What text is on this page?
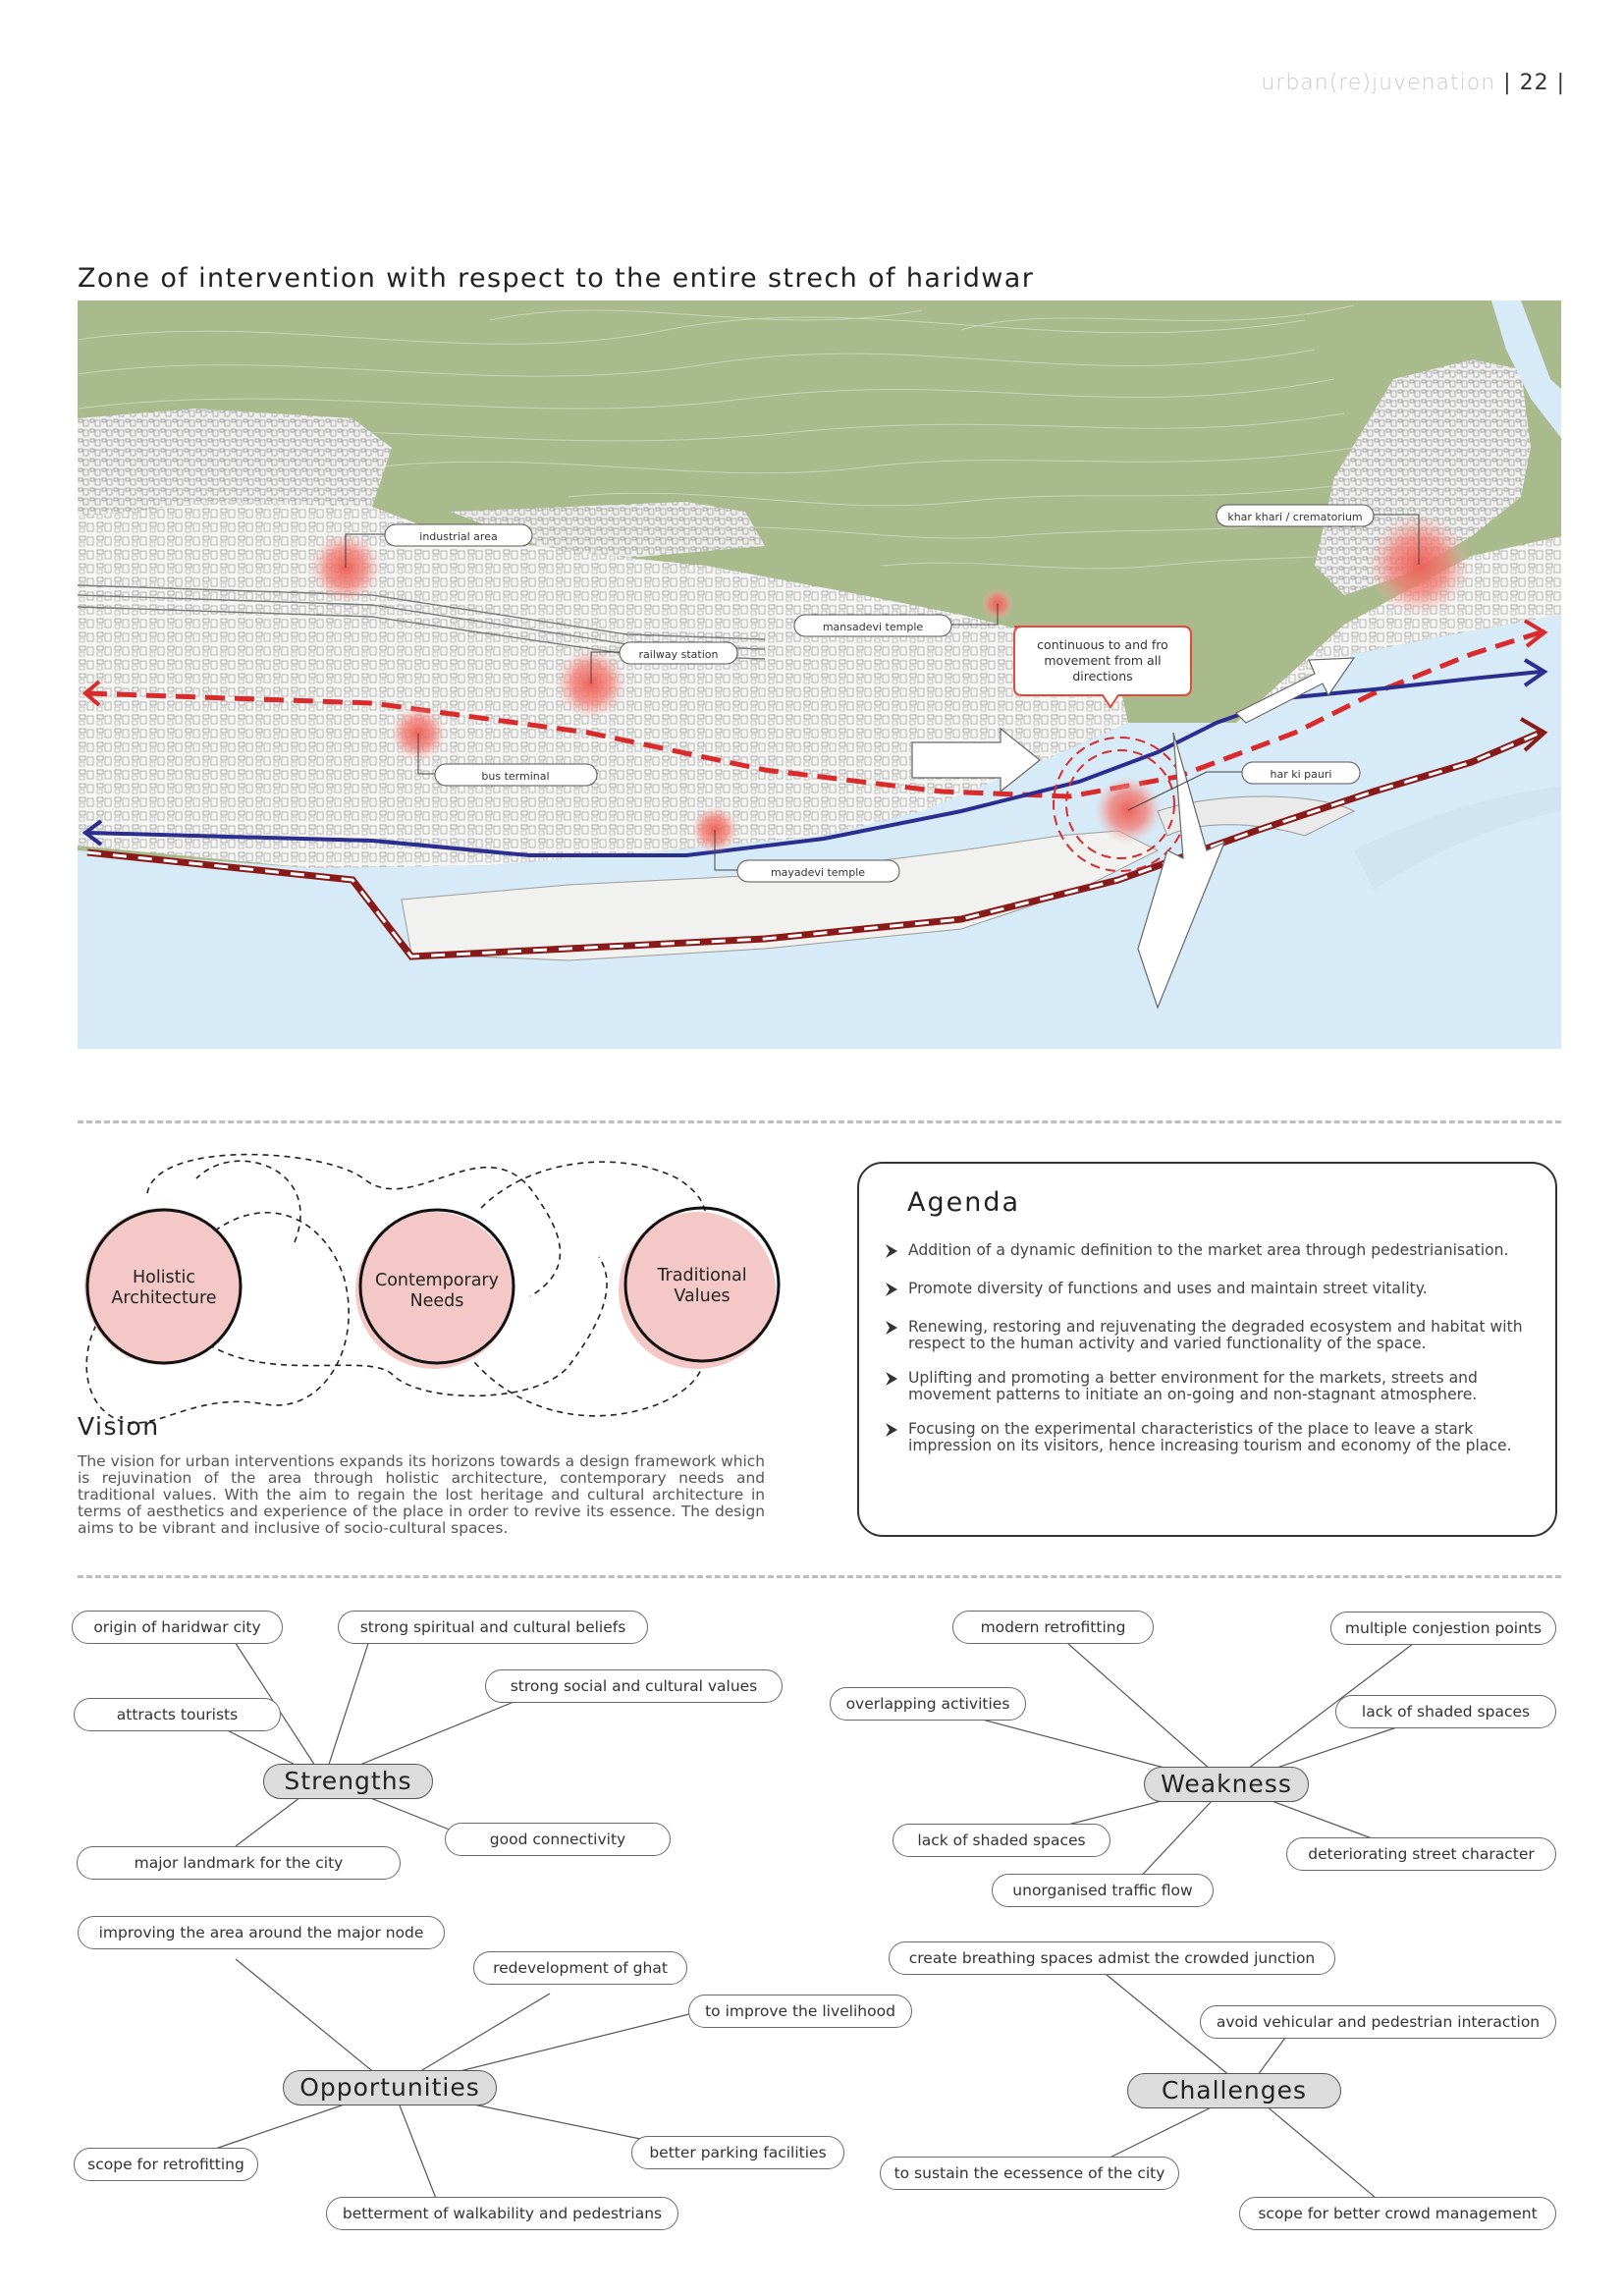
urban(re)juvenation | 22 |
Zone of intervention with respect to the entire strech of haridwar
industrial area
railway station
bus terminal
mayadevi temple
mansadevi temple
khar khari / crematorium
har ki pauri
continuous to and fro
movement from all
directions
Holistic
Architecture
Contemporary
Needs
Traditional
Values
Vision
The vision for urban interventions expands its horizons towards a design framework which is rejuvination of the area through holistic architecture, contemporary needs and traditional values. With the aim to regain the lost heritage and cultural architecture in terms of aesthetics and experience of the place in order to revive its essence. The design aims to be vibrant and inclusive of socio-cultural spaces.
Agenda
Addition of a dynamic definition to the market area through pedestrianisation.
Promote diversity of functions and uses and maintain street vitality.
Renewing, restoring and rejuvenating the degraded ecosystem and habitat with respect to the human activity and varied functionality of the space.
Uplifting and promoting a better environment for the markets, streets and movement patterns to initiate an on-going and non-stagnant atmosphere.
Focusing on the experimental characteristics of the place to leave a stark impression on its visitors, hence increasing tourism and economy of the place.
origin of haridwar city	strong spiritual and cultural beliefs
strong social and cultural values
attracts tourists
good connectivity
major landmark for the city
Strengths
modern retrofitting	multiple conjestion points
overlapping activities	lack of shaded spaces
lack of shaded spaces
deteriorating street character
unorganised traffic flow
Weakness
improving the area around the major node
redevelopment of ghat
to improve the livelihood
scope for retrofitting
better parking facilities
betterment of walkability and pedestrians
Opportunities
create breathing spaces admist the crowded junction
avoid vehicular and pedestrian interaction
to sustain the ecessence of the city
scope for better crowd management
Challenges
